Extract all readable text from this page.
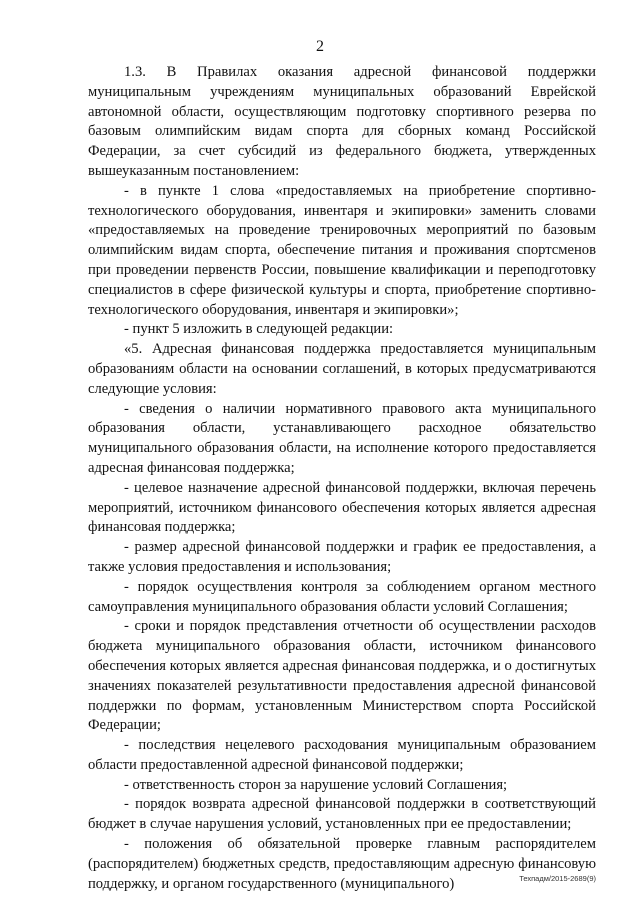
2

1.3. В Правилах оказания адресной финансовой поддержки муниципальным учреждениям муниципальных образований Еврейской автономной области, осуществляющим подготовку спортивного резерва по базовым олимпийским видам спорта для сборных команд Российской Федерации, за счет субсидий из федерального бюджета, утвержденных вышеуказанным постановлением:

- в пункте 1 слова «предоставляемых на приобретение спортивно-технологического оборудования, инвентаря и экипировки» заменить словами «предоставляемых на проведение тренировочных мероприятий по базовым олимпийским видам спорта, обеспечение питания и проживания спортсменов при проведении первенств России, повышение квалификации и переподготовку специалистов в сфере физической культуры и спорта, приобретение спортивно-технологического оборудования, инвентаря и экипировки»;

- пункт 5 изложить в следующей редакции:

«5. Адресная финансовая поддержка предоставляется муниципальным образованиям области на основании соглашений, в которых предусматриваются следующие условия:

- сведения о наличии нормативного правового акта муниципального образования области, устанавливающего расходное обязательство муниципального образования области, на исполнение которого предоставляется адресная финансовая поддержка;

- целевое назначение адресной финансовой поддержки, включая перечень мероприятий, источником финансового обеспечения которых является адресная финансовая поддержка;

- размер адресной финансовой поддержки и график ее предоставления, а также условия предоставления и использования;

- порядок осуществления контроля за соблюдением органом местного самоуправления муниципального образования области условий Соглашения;

- сроки и порядок представления отчетности об осуществлении расходов бюджета муниципального образования области, источником финансового обеспечения которых является адресная финансовая поддержка, и о достигнутых значениях показателей результативности предоставления адресной финансовой поддержки по формам, установленным Министерством спорта Российской Федерации;

- последствия нецелевого расходования муниципальным образованием области предоставленной адресной финансовой поддержки;

- ответственность сторон за нарушение условий Соглашения;

- порядок возврата адресной финансовой поддержки в соответствующий бюджет в случае нарушения условий, установленных при ее предоставлении;

- положения об обязательной проверке главным распорядителем (распорядителем) бюджетных средств, предоставляющим адресную финансовую поддержку, и органом государственного (муниципального)	Техпадм/2015-2689(9)
